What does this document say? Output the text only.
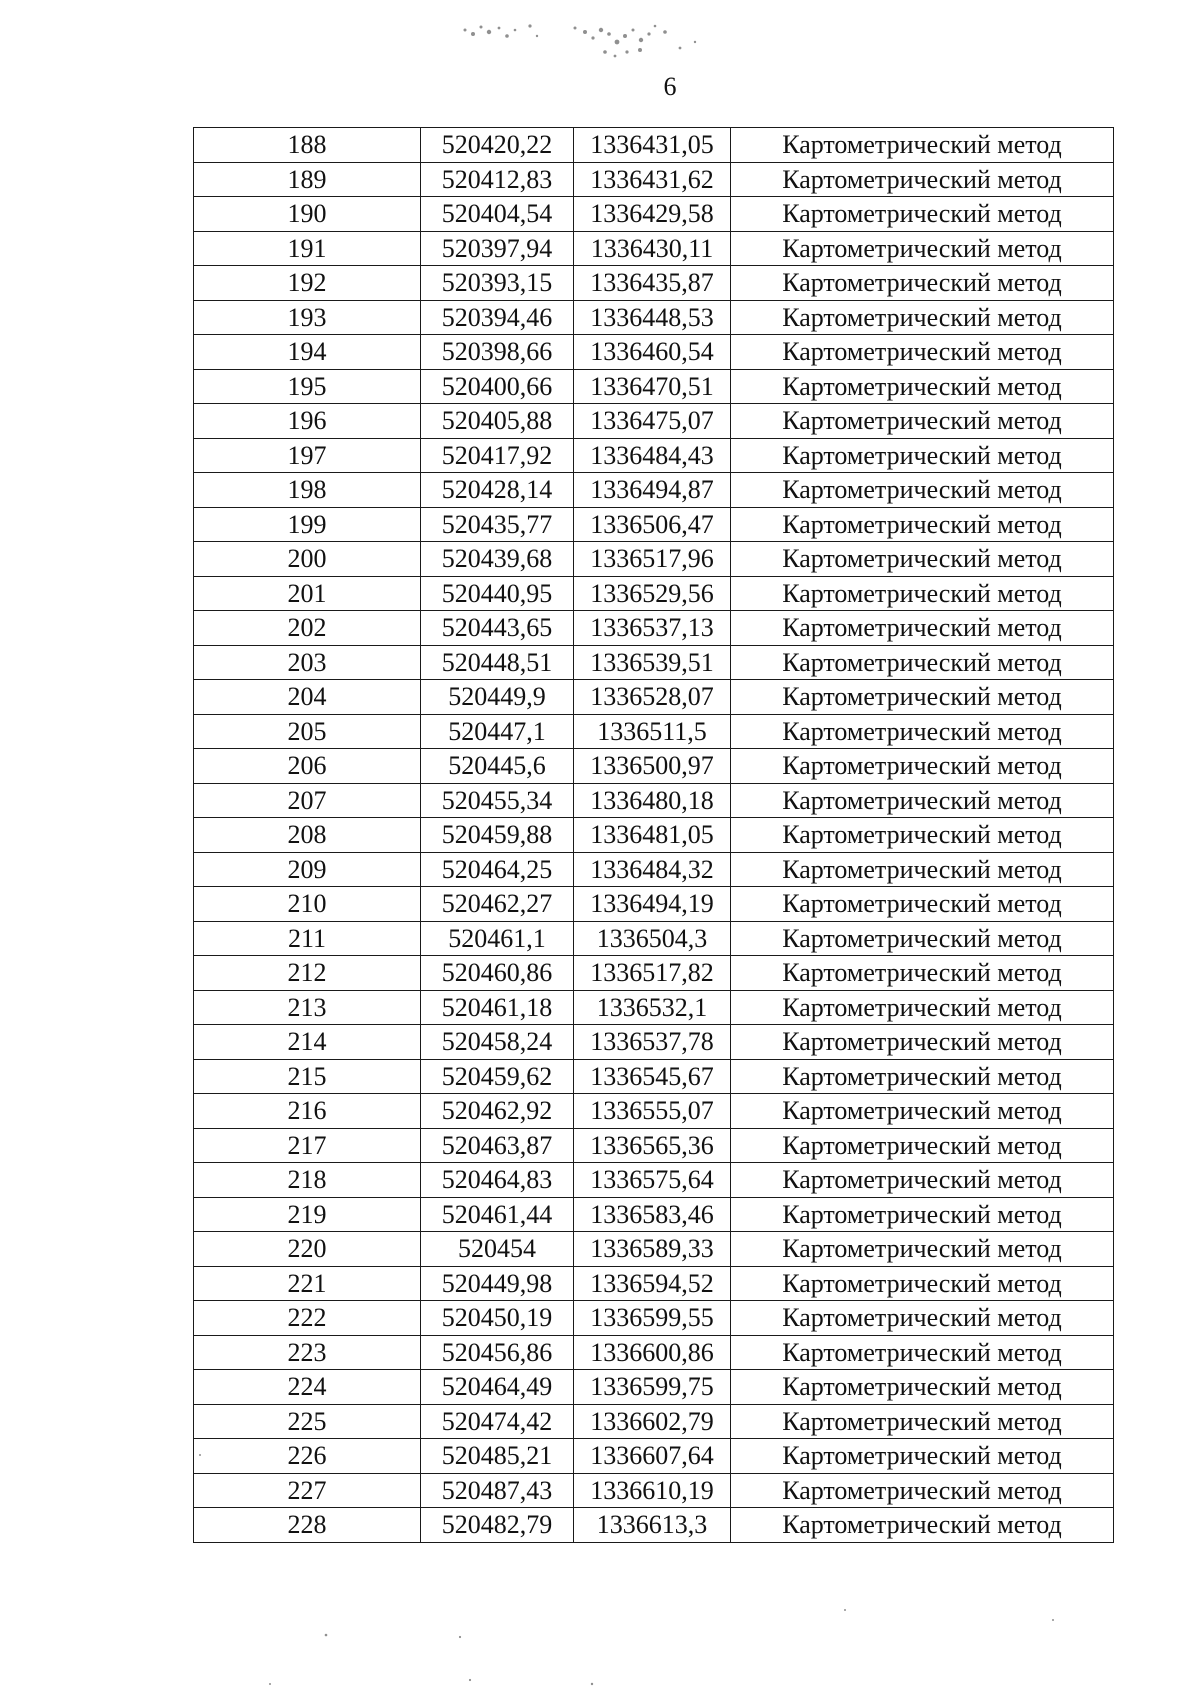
6
188	520420,22	1336431,05	Картометрический метод
189	520412,83	1336431,62	Картометрический метод
190	520404,54	1336429,58	Картометрический метод
191	520397,94	1336430,11	Картометрический метод
192	520393,15	1336435,87	Картометрический метод
193	520394,46	1336448,53	Картометрический метод
194	520398,66	1336460,54	Картометрический метод
195	520400,66	1336470,51	Картометрический метод
196	520405,88	1336475,07	Картометрический метод
197	520417,92	1336484,43	Картометрический метод
198	520428,14	1336494,87	Картометрический метод
199	520435,77	1336506,47	Картометрический метод
200	520439,68	1336517,96	Картометрический метод
201	520440,95	1336529,56	Картометрический метод
202	520443,65	1336537,13	Картометрический метод
203	520448,51	1336539,51	Картометрический метод
204	520449,9	1336528,07	Картометрический метод
205	520447,1	1336511,5	Картометрический метод
206	520445,6	1336500,97	Картометрический метод
207	520455,34	1336480,18	Картометрический метод
208	520459,88	1336481,05	Картометрический метод
209	520464,25	1336484,32	Картометрический метод
210	520462,27	1336494,19	Картометрический метод
211	520461,1	1336504,3	Картометрический метод
212	520460,86	1336517,82	Картометрический метод
213	520461,18	1336532,1	Картометрический метод
214	520458,24	1336537,78	Картометрический метод
215	520459,62	1336545,67	Картометрический метод
216	520462,92	1336555,07	Картометрический метод
217	520463,87	1336565,36	Картометрический метод
218	520464,83	1336575,64	Картометрический метод
219	520461,44	1336583,46	Картометрический метод
220	520454	1336589,33	Картометрический метод
221	520449,98	1336594,52	Картометрический метод
222	520450,19	1336599,55	Картометрический метод
223	520456,86	1336600,86	Картометрический метод
224	520464,49	1336599,75	Картометрический метод
225	520474,42	1336602,79	Картометрический метод
226	520485,21	1336607,64	Картометрический метод
227	520487,43	1336610,19	Картометрический метод
228	520482,79	1336613,3	Картометрический метод
